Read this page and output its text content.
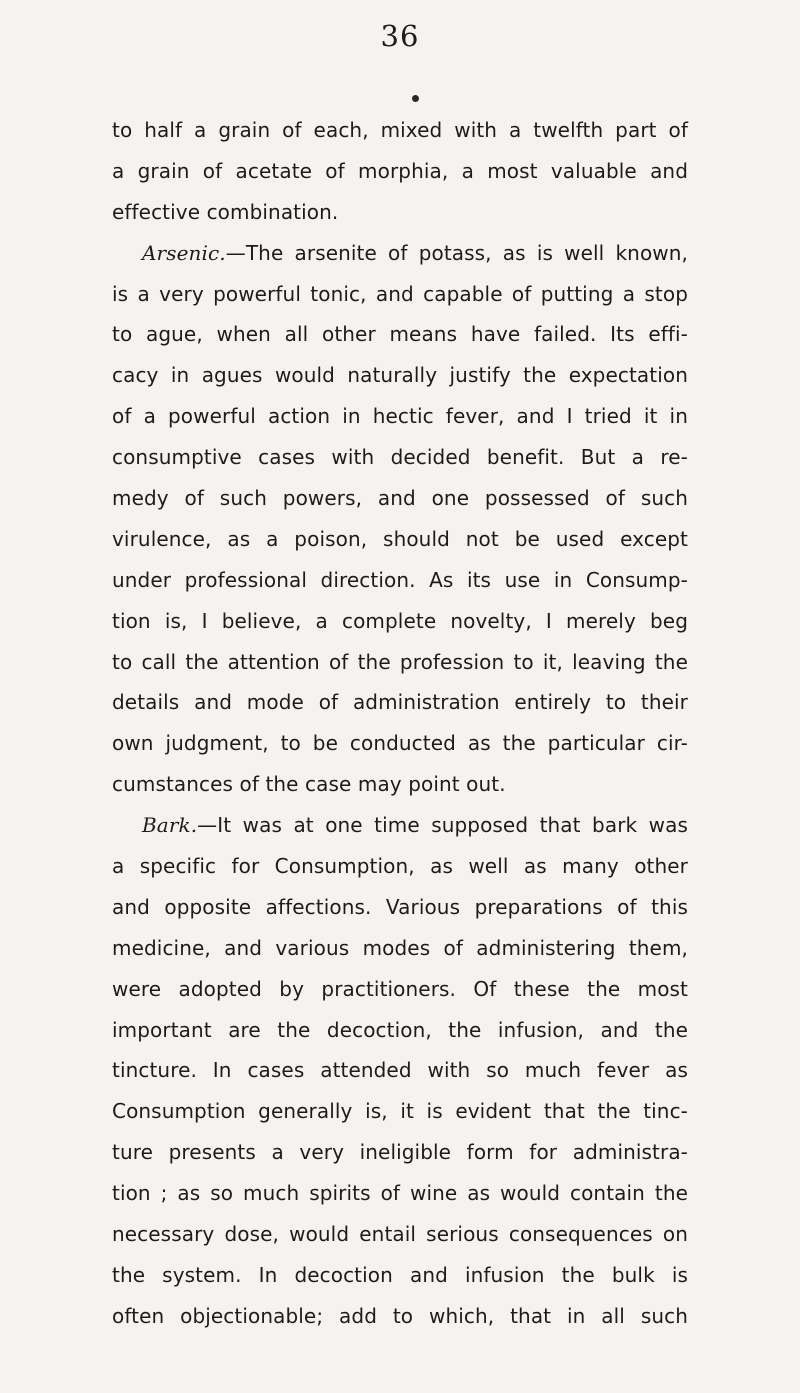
36
to half a grain of each, mixed with a twelfth part of
a grain of acetate of morphia, a most valuable and
effective combination.
Arsenic.—The arsenite of potass, as is well known,
is a very powerful tonic, and capable of putting a stop
to ague, when all other means have failed. Its effi-
cacy in agues would naturally justify the expectation
of a powerful action in hectic fever, and I tried it in
consumptive cases with decided benefit. But a re-
medy of such powers, and one possessed of such
virulence, as a poison, should not be used except
under professional direction. As its use in Consump-
tion is, I believe, a complete novelty, I merely beg
to call the attention of the profession to it, leaving the
details and mode of administration entirely to their
own judgment, to be conducted as the particular cir-
cumstances of the case may point out.
Bark.—It was at one time supposed that bark was
a specific for Consumption, as well as many other
and opposite affections. Various preparations of this
medicine, and various modes of administering them,
were adopted by practitioners. Of these the most
important are the decoction, the infusion, and the
tincture. In cases attended with so much fever as
Consumption generally is, it is evident that the tinc-
ture presents a very ineligible form for administra-
tion ; as so much spirits of wine as would contain the
necessary dose, would entail serious consequences on
the system. In decoction and infusion the bulk is
often objectionable; add to which, that in all such
